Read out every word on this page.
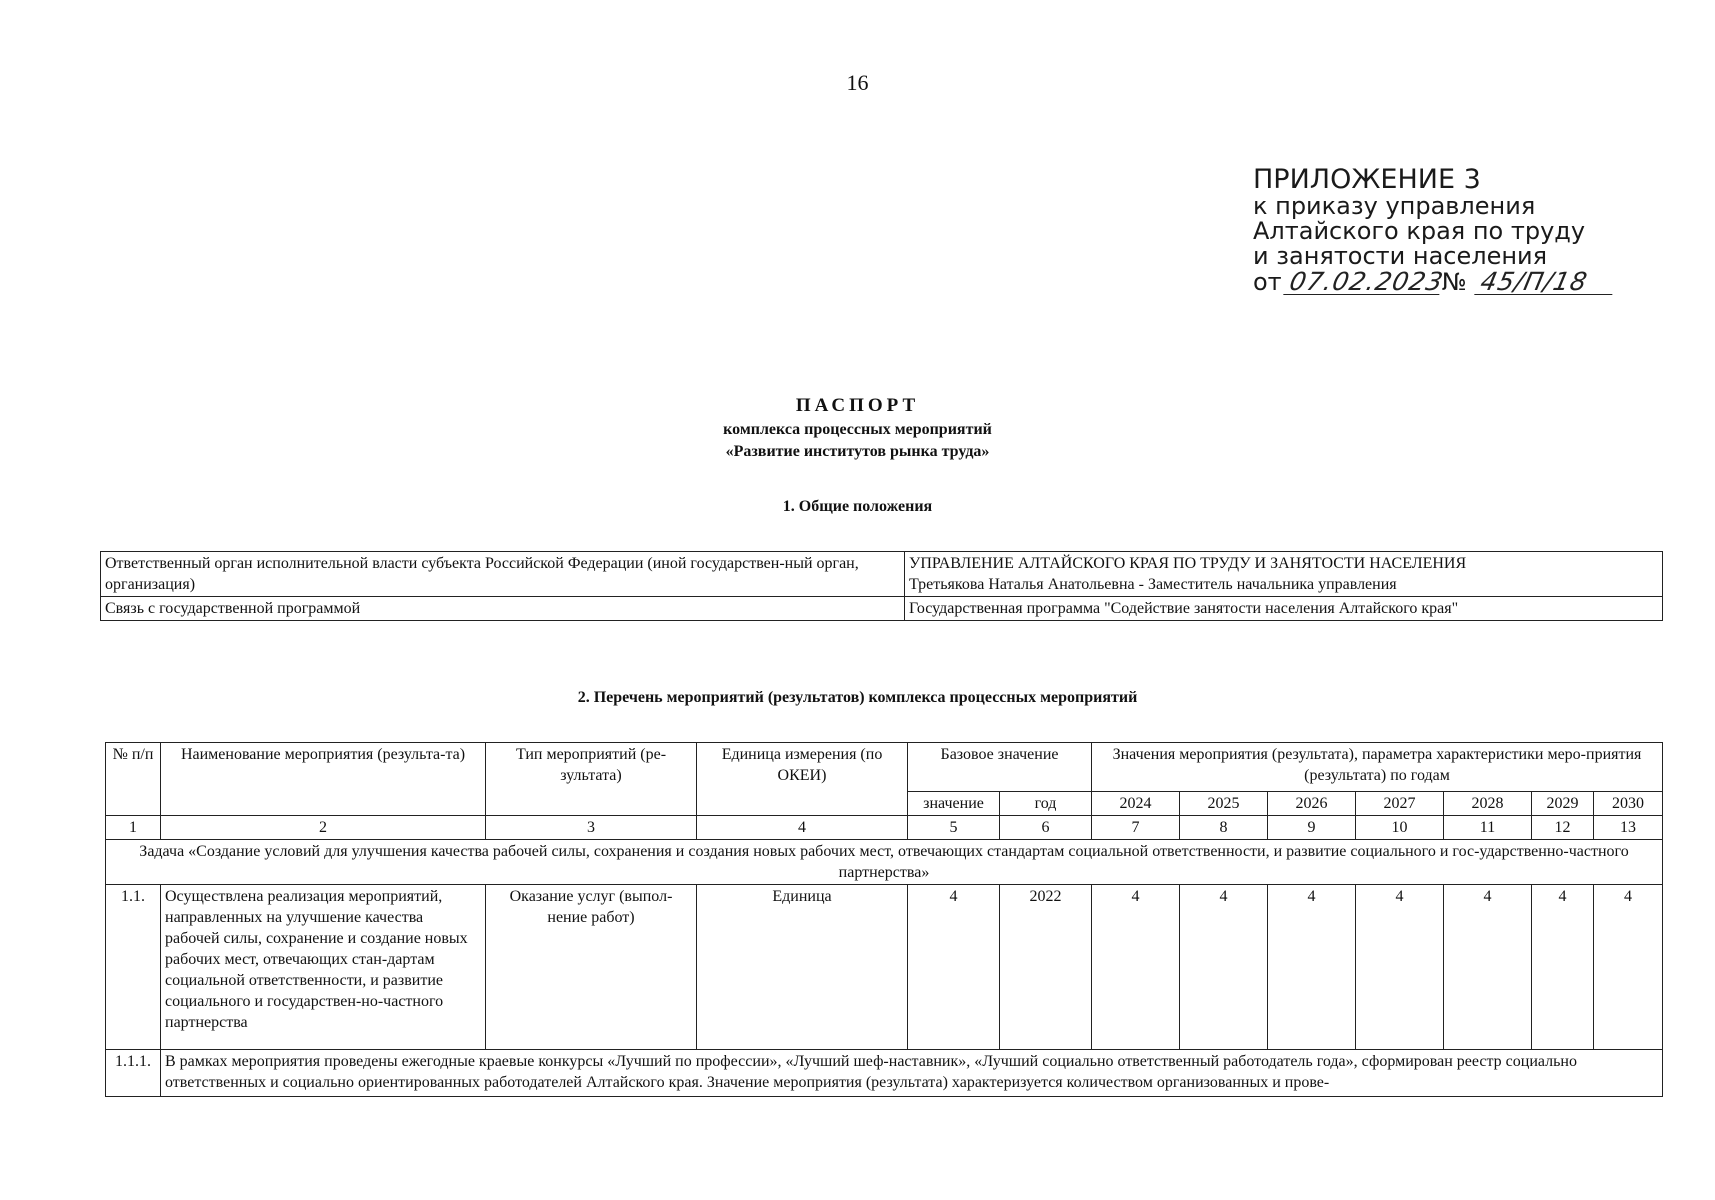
16
ПРИЛОЖЕНИЕ 3
к приказу управления
Алтайского края по труду
и занятости населения
от 07.02.2023
№ 45/П/18
ПАСПОРТ
комплекса процессных мероприятий
«Развитие институтов рынка труда»
1. Общие положения
Ответственный орган исполнительной власти субъекта Российской Федерации (иной государствен-ный орган, организация)	УПРАВЛЕНИЕ АЛТАЙСКОГО КРАЯ ПО ТРУДУ И ЗАНЯТОСТИ НАСЕЛЕНИЯ
Третьякова Наталья Анатольевна - Заместитель начальника управления

Связь с государственной программой	Государственная программа "Содействие занятости населения Алтайского края"
2. Перечень мероприятий (результатов) комплекса процессных мероприятий
№ п/п	Наименование мероприятия (результа-та)	Тип мероприятий (ре-зультата)	Единица измерения (по ОКЕИ)	Базовое значение		Значения мероприятия (результата), параметра характеристики меро-приятия (результата) по годам						
				значение	год	2024	2025	2026	2027	2028	2029	2030
1	2	3	4	5	6	7	8	9	10	11	12	13
Задача «Создание условий для улучшения качества рабочей силы, сохранения и создания новых рабочих мест, отвечающих стандартам социальной ответственности, и развитие социального и гос-ударственно-частного партнерства»												
1.1.	Осуществлена реализация мероприятий, направленных на улучшение качества рабочей силы, сохранение и создание новых рабочих мест, отвечающих стан-дартам социальной ответственности, и развитие социального и государствен-но-частного партнерства	Оказание услуг (выпол-нение работ)	Единица	4	2022	4	4	4	4	4	4	4
1.1.1.	В рамках мероприятия проведены ежегодные краевые конкурсы «Лучший по профессии», «Лучший шеф-наставник», «Лучший социально ответственный работодатель года», сформирован реестр социально ответственных и социально ориентированных работодателей Алтайского края. Значение мероприятия (результата) характеризуется количеством организованных и прове-											
